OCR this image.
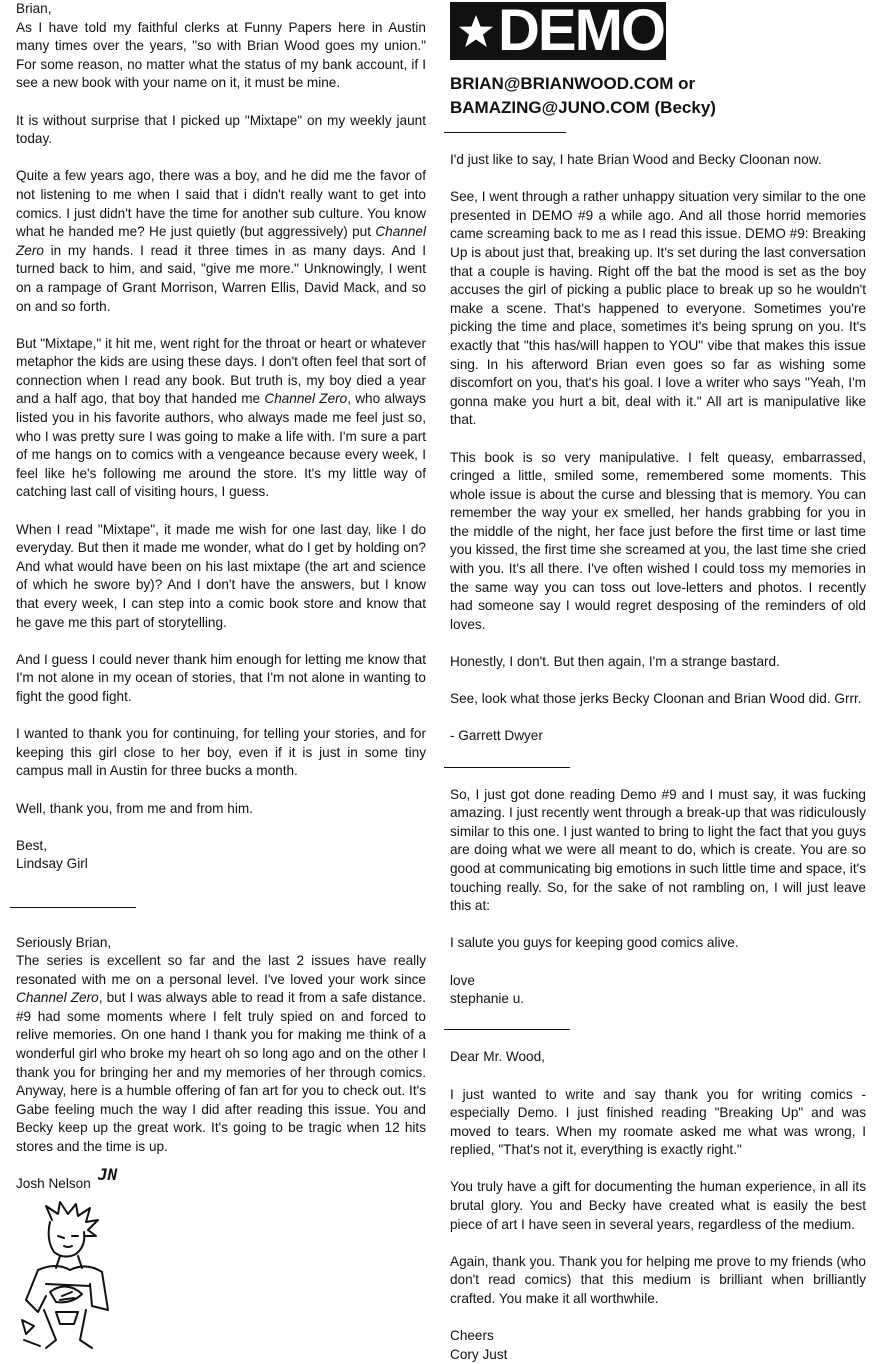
Brian,

As I have told my faithful clerks at Funny Papers here in Austin many times over the years, "so with Brian Wood goes my union." For some reason, no matter what the status of my bank account, if I see a new book with your name on it, it must be mine.

It is without surprise that I picked up "Mixtape" on my weekly jaunt today.

Quite a few years ago, there was a boy, and he did me the favor of not listening to me when I said that i didn't really want to get into comics. I just didn't have the time for another sub culture. You know what he handed me? He just quietly (but aggressively) put Channel Zero in my hands. I read it three times in as many days. And I turned back to him, and said, "give me more." Unknowingly, I went on a rampage of Grant Morrison, Warren Ellis, David Mack, and so on and so forth.

But "Mixtape," it hit me, went right for the throat or heart or whatever metaphor the kids are using these days. I don't often feel that sort of connection when I read any book. But truth is, my boy died a year and a half ago, that boy that handed me Channel Zero, who always listed you in his favorite authors, who always made me feel just so, who I was pretty sure I was going to make a life with. I'm sure a part of me hangs on to comics with a vengeance because every week, I feel like he's following me around the store. It's my little way of catching last call of visiting hours, I guess.

When I read "Mixtape", it made me wish for one last day, like I do everyday. But then it made me wonder, what do I get by holding on? And what would have been on his last mixtape (the art and science of which he swore by)? And I don't have the answers, but I know that every week, I can step into a comic book store and know that he gave me this part of storytelling.

And I guess I could never thank him enough for letting me know that I'm not alone in my ocean of stories, that I'm not alone in wanting to fight the good fight.

I wanted to thank you for continuing, for telling your stories, and for keeping this girl close to her boy, even if it is just in some tiny campus mall in Austin for three bucks a month.

Well, thank you, from me and from him.

Best,

Lindsay Girl

Seriously Brian,

The series is excellent so far and the last 2 issues have really resonated with me on a personal level. I've loved your work since Channel Zero, but I was always able to read it from a safe distance. #9 had some moments where I felt truly spied on and forced to relive memories. On one hand I thank you for making me think of a wonderful girl who broke my heart oh so long ago and on the other I thank you for bringing her and my memories of her through comics. Anyway, here is a humble offering of fan art for you to check out. It's Gabe feeling much the way I did after reading this issue. You and Becky keep up the great work. It's going to be tragic when 12 hits stores and the time is up.

Josh Nelson JN
DEMO

BRIAN@BRIANWOOD.COM or

BAMAZING@JUNO.COM (Becky)

I'd just like to say, I hate Brian Wood and Becky Cloonan now.

See, I went through a rather unhappy situation very similar to the one presented in DEMO #9 a while ago. And all those horrid memories came screaming back to me as I read this issue. DEMO #9: Breaking Up is about just that, breaking up. It's set during the last conversation that a couple is having. Right off the bat the mood is set as the boy accuses the girl of picking a public place to break up so he wouldn't make a scene. That's happened to everyone. Sometimes you're picking the time and place, sometimes it's being sprung on you. It's exactly that "this has/will happen to YOU" vibe that makes this issue sing. In his afterword Brian even goes so far as wishing some discomfort on you, that's his goal. I love a writer who says "Yeah, I'm gonna make you hurt a bit, deal with it." All art is manipulative like that.

This book is so very manipulative. I felt queasy, embarrassed, cringed a little, smiled some, remembered some moments. This whole issue is about the curse and blessing that is memory. You can remember the way your ex smelled, her hands grabbing for you in the middle of the night, her face just before the first time or last time you kissed, the first time she screamed at you, the last time she cried with you. It's all there. I've often wished I could toss my memories in the same way you can toss out love-letters and photos. I recently had someone say I would regret desposing of the reminders of old loves.

Honestly, I don't. But then again, I'm a strange bastard.

See, look what those jerks Becky Cloonan and Brian Wood did. Grrr.

- Garrett Dwyer

So, I just got done reading Demo #9 and I must say, it was fucking amazing. I just recently went through a break-up that was ridiculously similar to this one. I just wanted to bring to light the fact that you guys are doing what we were all meant to do, which is create. You are so good at communicating big emotions in such little time and space, it's touching really. So, for the sake of not rambling on, I will just leave this at:

I salute you guys for keeping good comics alive.

love

stephanie u.

Dear Mr. Wood,

I just wanted to write and say thank you for writing comics - especially Demo. I just finished reading "Breaking Up" and was moved to tears. When my roomate asked me what was wrong, I replied, "That's not it, everything is exactly right."

You truly have a gift for documenting the human experience, in all its brutal glory. You and Becky have created what is easily the best piece of art I have seen in several years, regardless of the medium.

Again, thank you. Thank you for helping me prove to my friends (who don't read comics) that this medium is brilliant when brilliantly crafted. You make it all worthwhile.

Cheers

Cory Just
